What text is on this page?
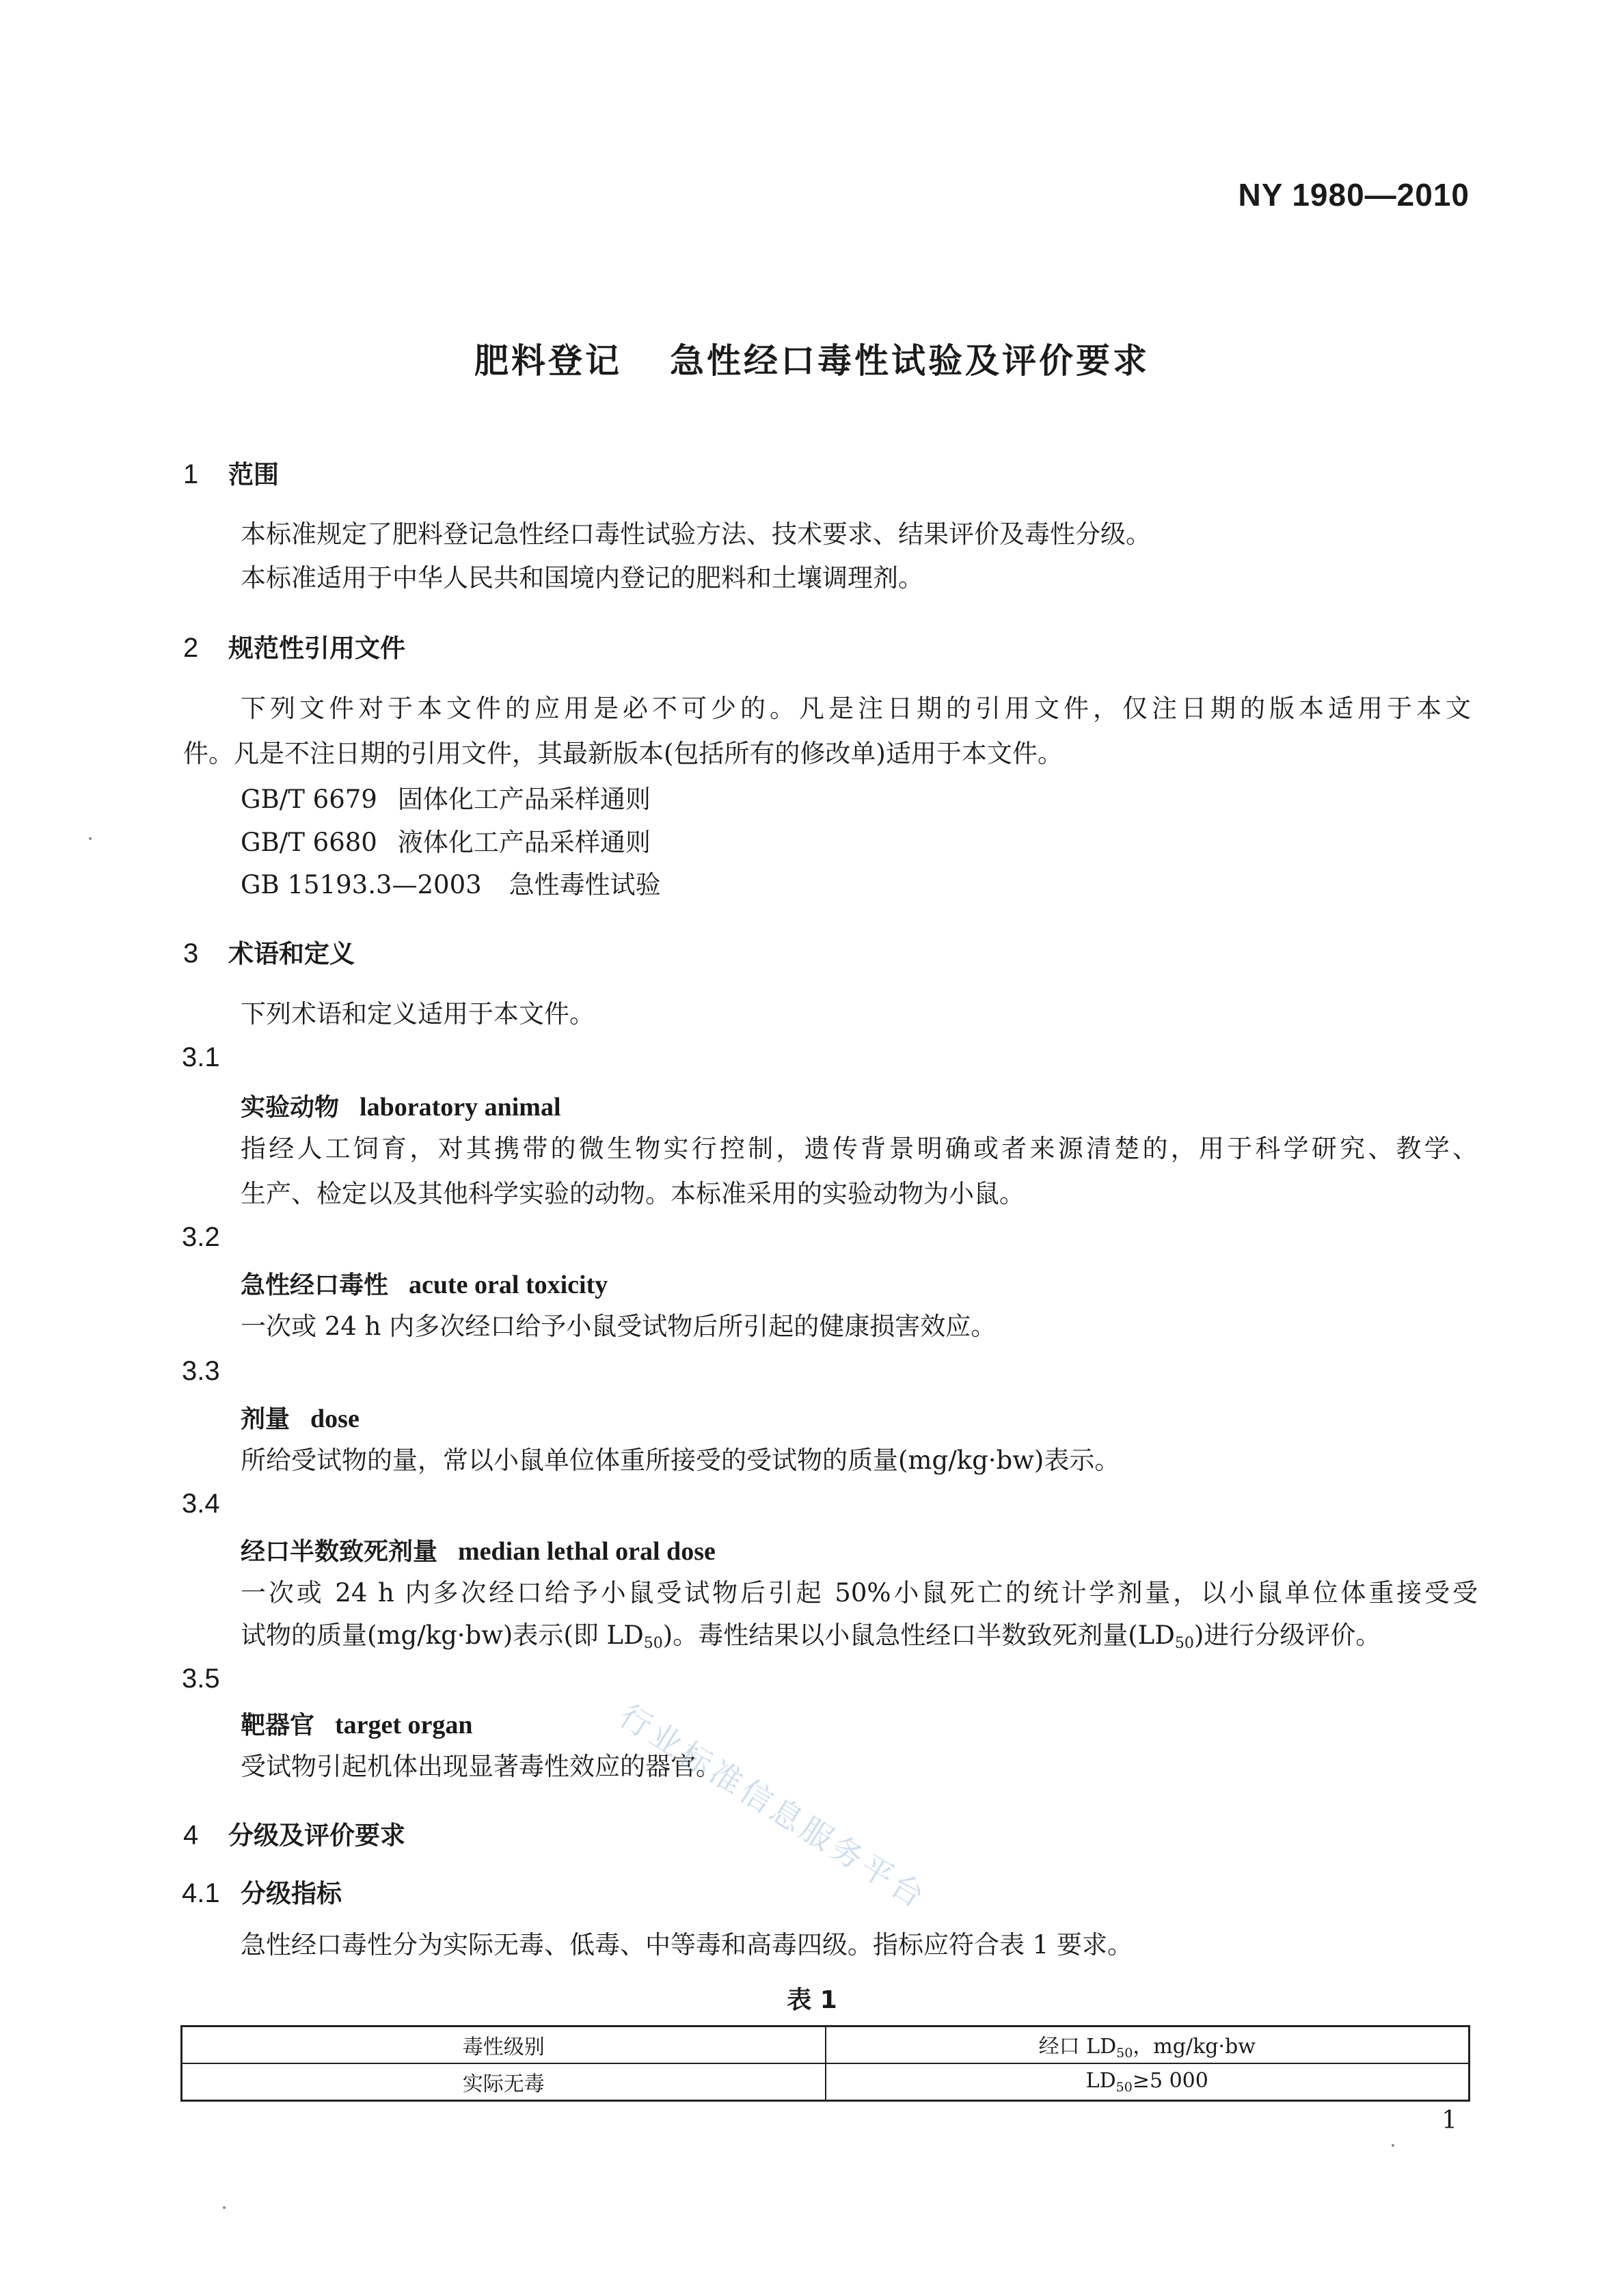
NY 1980—2010
肥料登记 急性经口毒性试验及评价要求
1 范围
本标准规定了肥料登记急性经口毒性试验方法、技术要求、结果评价及毒性分级。
本标准适用于中华人民共和国境内登记的肥料和土壤调理剂。
2 规范性引用文件
下列文件对于本文件的应用是必不可少的。凡是注日期的引用文件，仅注日期的版本适用于本文
件。凡是不注日期的引用文件，其最新版本(包括所有的修改单)适用于本文件。
GB/T 6679 固体化工产品采样通则
GB/T 6680 液体化工产品采样通则
GB 15193.3—2003 急性毒性试验
3 术语和定义
下列术语和定义适用于本文件。
3.1
实验动物 laboratory animal
指经人工饲育，对其携带的微生物实行控制，遗传背景明确或者来源清楚的，用于科学研究、教学、
生产、检定以及其他科学实验的动物。本标准采用的实验动物为小鼠。
3.2
急性经口毒性 acute oral toxicity
一次或 24 h 内多次经口给予小鼠受试物后所引起的健康损害效应。
3.3
剂量 dose
所给受试物的量，常以小鼠单位体重所接受的受试物的质量(mg/kg·bw)表示。
3.4
经口半数致死剂量 median lethal oral dose
一次或 24 h 内多次经口给予小鼠受试物后引起 50%小鼠死亡的统计学剂量，以小鼠单位体重接受受
试物的质量(mg/kg·bw)表示(即 LD50)。毒性结果以小鼠急性经口半数致死剂量(LD50)进行分级评价。
3.5
靶器官 target organ
受试物引起机体出现显著毒性效应的器官。
4 分级及评价要求
4.1 分级指标
急性经口毒性分为实际无毒、低毒、中等毒和高毒四级。指标应符合表 1 要求。
表 1
毒性级别	经口 $LD_{50}$，mg/kg·bw
实际无毒	$LD_{50}\ge 5$ 000
1
行业标准信息服务平台
